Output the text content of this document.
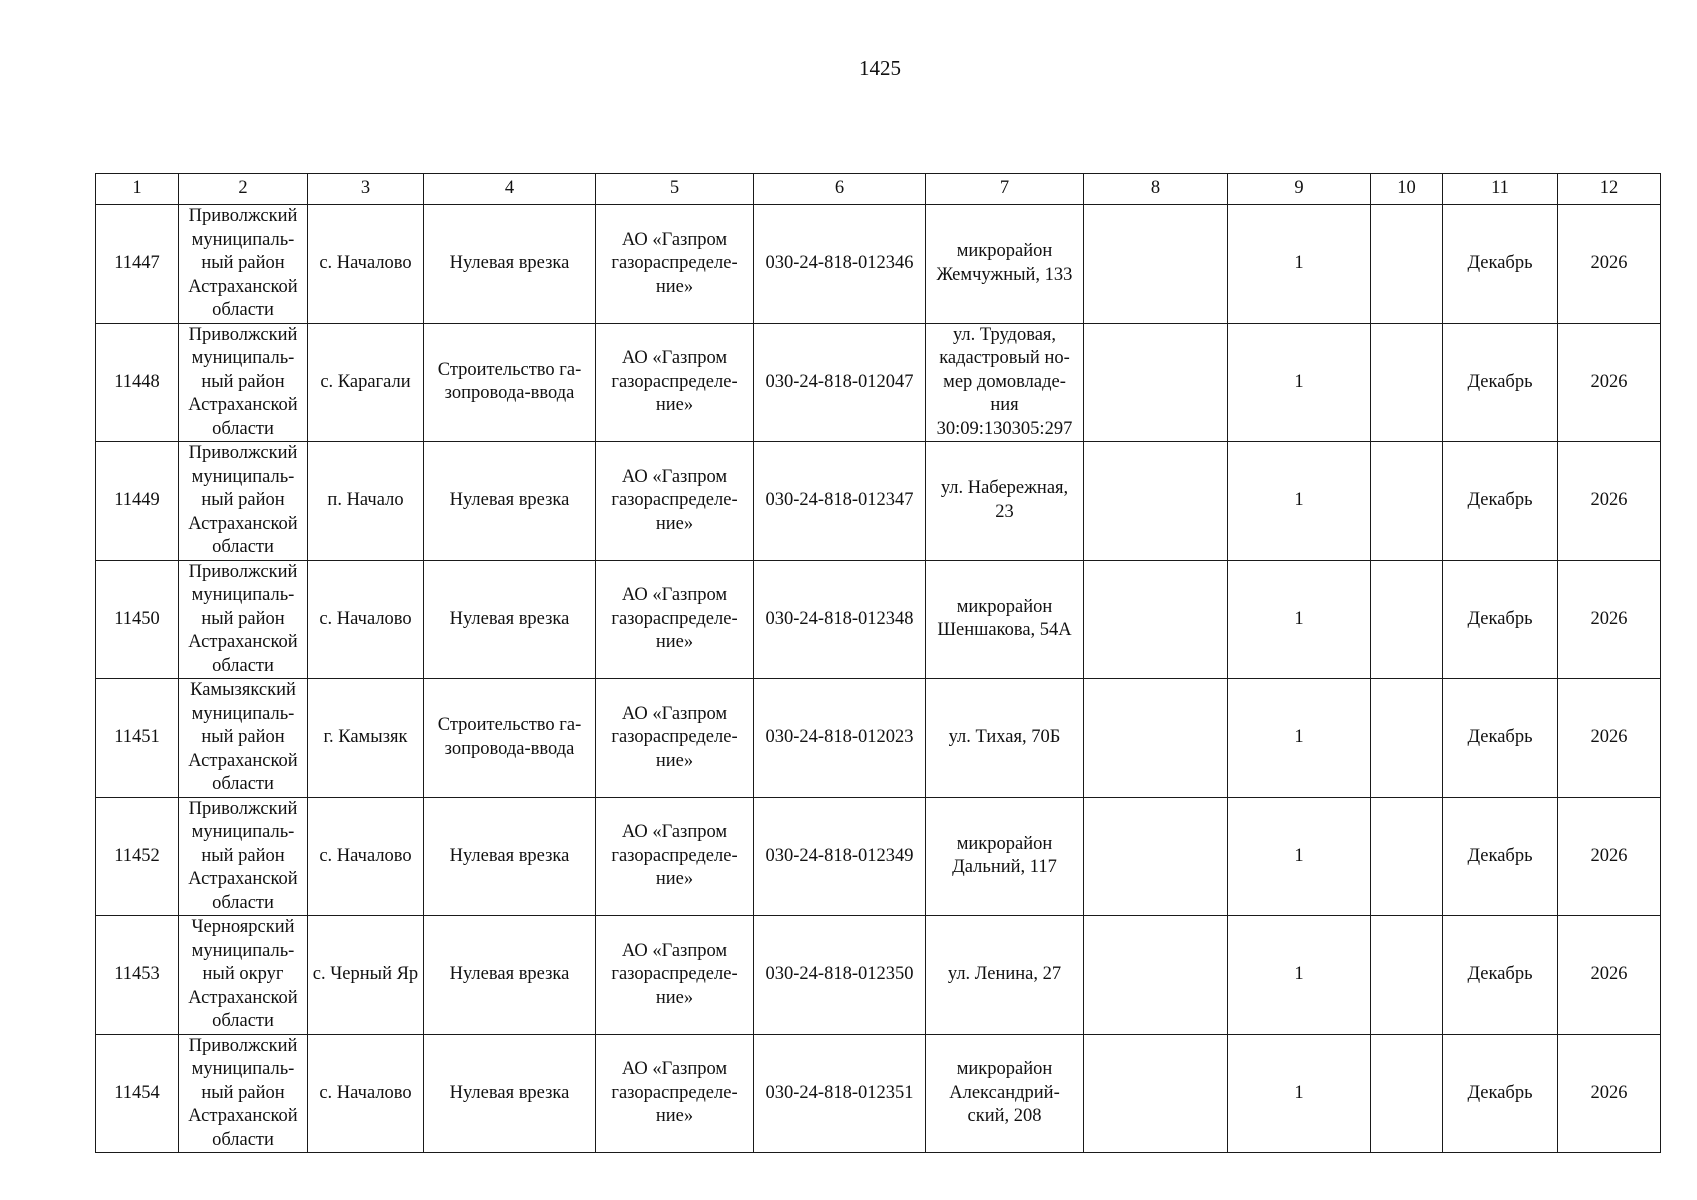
1425
1	2	3	4	5	6	7	8	9	10	11	12
11447	Приволжский
муниципаль-
ный район
Астраханской
области	с. Началово	Нулевая врезка	АО «Газпром
газораспределе-
ние»	030-24-818-012346	микрорайон
Жемчужный, 133		1		Декабрь	2026
11448	Приволжский
муниципаль-
ный район
Астраханской
области	с. Карагали	Строительство га-
зопровода-ввода	АО «Газпром
газораспределе-
ние»	030-24-818-012047	ул. Трудовая,
кадастровый но-
мер домовладе-
ния
30:09:130305:297		1		Декабрь	2026
11449	Приволжский
муниципаль-
ный район
Астраханской
области	п. Начало	Нулевая врезка	АО «Газпром
газораспределе-
ние»	030-24-818-012347	ул. Набережная,
23		1		Декабрь	2026
11450	Приволжский
муниципаль-
ный район
Астраханской
области	с. Началово	Нулевая врезка	АО «Газпром
газораспределе-
ние»	030-24-818-012348	микрорайон
Шеншакова, 54А		1		Декабрь	2026
11451	Камызякский
муниципаль-
ный район
Астраханской
области	г. Камызяк	Строительство га-
зопровода-ввода	АО «Газпром
газораспределе-
ние»	030-24-818-012023	ул. Тихая, 70Б		1		Декабрь	2026
11452	Приволжский
муниципаль-
ный район
Астраханской
области	с. Началово	Нулевая врезка	АО «Газпром
газораспределе-
ние»	030-24-818-012349	микрорайон
Дальний, 117		1		Декабрь	2026
11453	Черноярский
муниципаль-
ный округ
Астраханской
области	с. Черный Яр	Нулевая врезка	АО «Газпром
газораспределе-
ние»	030-24-818-012350	ул. Ленина, 27		1		Декабрь	2026
11454	Приволжский
муниципаль-
ный район
Астраханской
области	с. Началово	Нулевая врезка	АО «Газпром
газораспределе-
ние»	030-24-818-012351	микрорайон
Александрий-
ский, 208		1		Декабрь	2026
